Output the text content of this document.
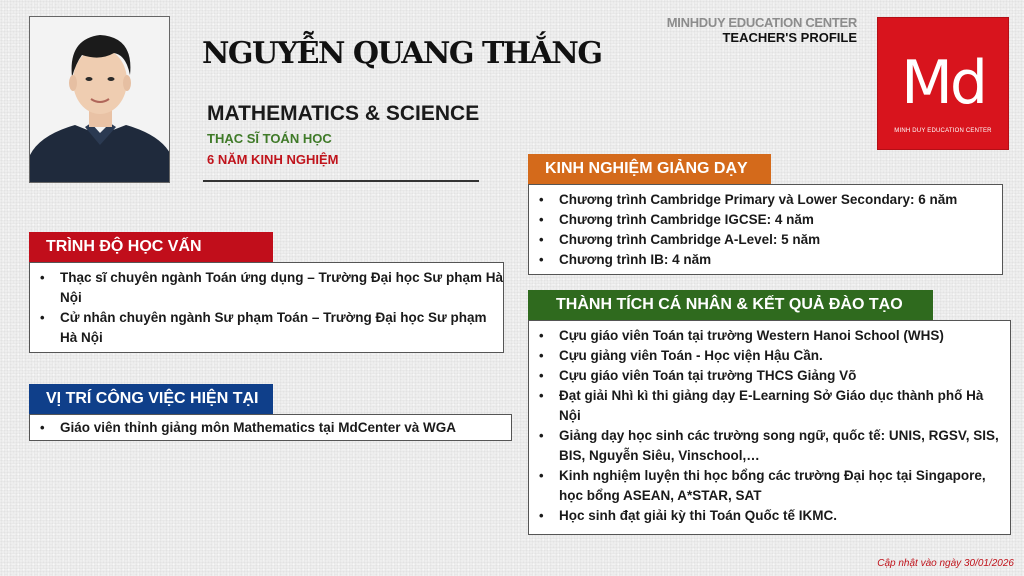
NGUYỄN QUANG THẮNG
MATHEMATICS & SCIENCE
THẠC SĨ TOÁN HỌC
6 NĂM KINH NGHIỆM
MINHDUY EDUCATION CENTER
TEACHER'S PROFILE
Md
MINH DUY EDUCATION CENTER
TRÌNH ĐỘ HỌC VẤN
• Thạc sĩ chuyên ngành Toán ứng dụng – Trường Đại học Sư phạm Hà Nội
• Cử nhân chuyên ngành Sư phạm Toán – Trường Đại học Sư phạm Hà Nội
VỊ TRÍ CÔNG VIỆC HIỆN TẠI
• Giáo viên thỉnh giảng môn Mathematics tại MdCenter và WGA
KINH NGHIỆM GIẢNG DẠY
• Chương trình Cambridge Primary và Lower Secondary: 6 năm
• Chương trình Cambridge IGCSE: 4 năm
• Chương trình Cambridge A-Level: 5 năm
• Chương trình IB: 4 năm
THÀNH TÍCH CÁ NHÂN & KẾT QUẢ ĐÀO TẠO
• Cựu giáo viên Toán tại trường Western Hanoi School (WHS)
• Cựu giảng viên Toán - Học viện Hậu Cần.
• Cựu giáo viên Toán tại trường THCS Giảng Võ
• Đạt giải Nhì kì thi giảng dạy E-Learning Sở Giáo dục thành phố Hà Nội
• Giảng dạy học sinh các trường song ngữ, quốc tế: UNIS, RGSV, SIS, BIS, Nguyễn Siêu, Vinschool,…
• Kinh nghiệm luyện thi học bổng các trường Đại học tại Singapore, học bổng ASEAN, A*STAR, SAT
• Học sinh đạt giải kỳ thi Toán Quốc tế IKMC.
Cập nhật vào ngày 30/01/2026
